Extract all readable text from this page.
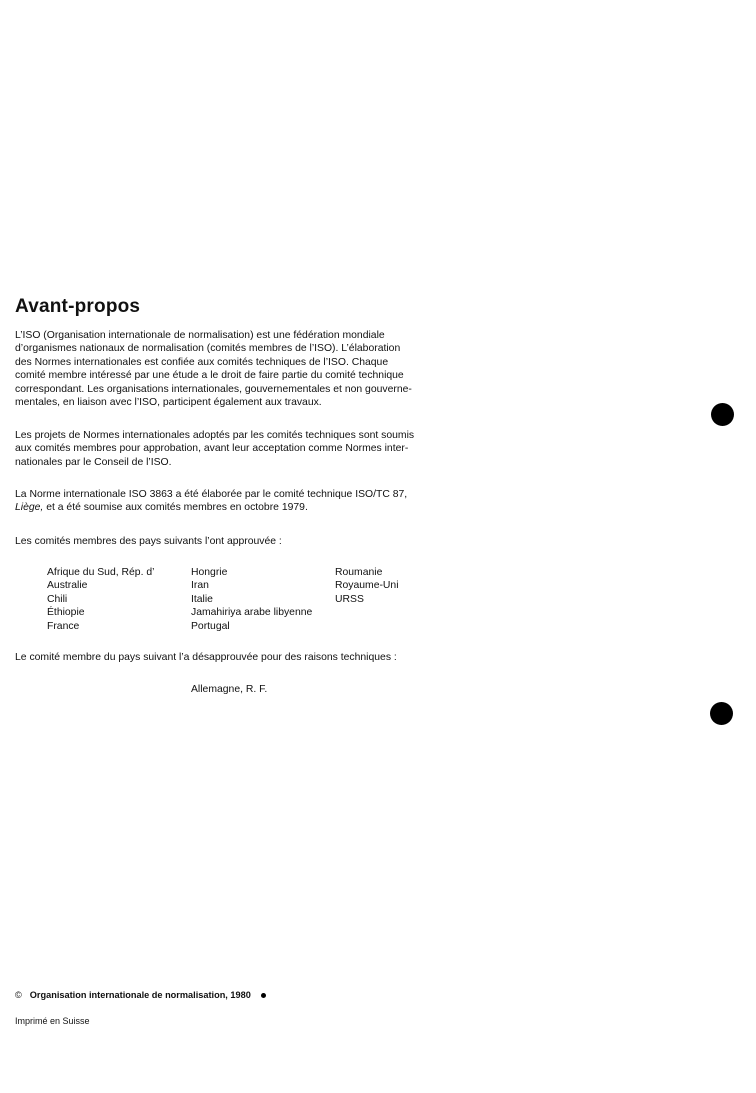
Avant-propos

L’ISO (Organisation internationale de normalisation) est une fédération mondiale
d’organismes nationaux de normalisation (comités membres de l’ISO). L’élaboration
des Normes internationales est confiée aux comités techniques de l’ISO. Chaque
comité membre intéressé par une étude a le droit de faire partie du comité technique
correspondant. Les organisations internationales, gouvernementales et non gouverne-
mentales, en liaison avec l’ISO, participent également aux travaux.

Les projets de Normes internationales adoptés par les comités techniques sont soumis
aux comités membres pour approbation, avant leur acceptation comme Normes inter-
nationales par le Conseil de l’ISO.

La Norme internationale ISO 3863 a été élaborée par le comité technique ISO/TC 87,
Liège, et a été soumise aux comités membres en octobre 1979.

Les comités membres des pays suivants l’ont approuvée :

Afrique du Sud, Rép. d’
Australie
Chili
Éthiopie
France
Hongrie
Iran
Italie
Jamahiriya arabe libyenne
Portugal
Roumanie
Royaume-Uni
URSS

Le comité membre du pays suivant l’a désapprouvée pour des raisons techniques :

Allemagne, R. F.

© Organisation internationale de normalisation, 1980
Imprimé en Suisse
